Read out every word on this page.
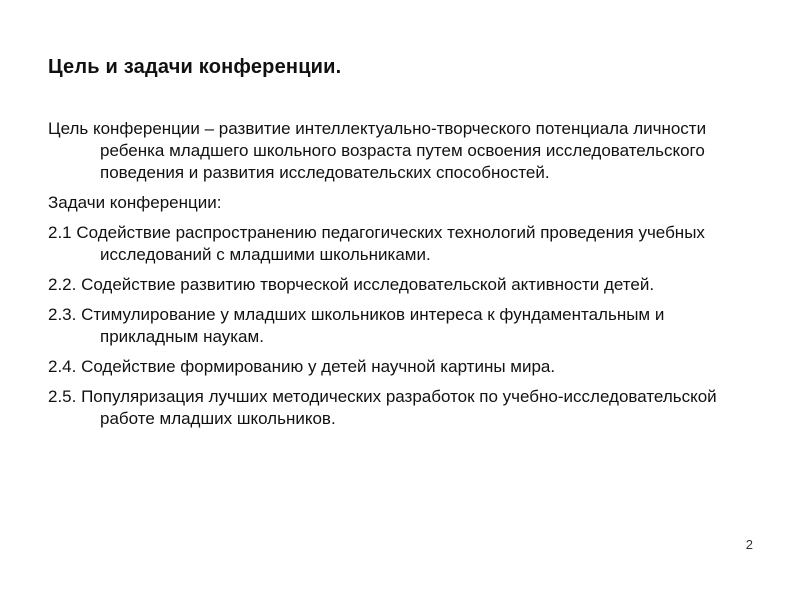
Цель и задачи конференции.
Цель конференции – развитие интеллектуально-творческого потенциала личности ребенка младшего школьного возраста путем освоения исследовательского поведения и развития исследовательских способностей.
Задачи конференции:
2.1 Содействие распространению педагогических технологий проведения учебных исследований с младшими школьниками.
2.2. Содействие развитию творческой исследовательской активности детей.
2.3. Стимулирование у младших школьников интереса к фундаментальным и прикладным наукам.
2.4. Содействие формированию у детей научной картины мира.
2.5. Популяризация лучших методических разработок по учебно-исследовательской работе младших школьников.
2
